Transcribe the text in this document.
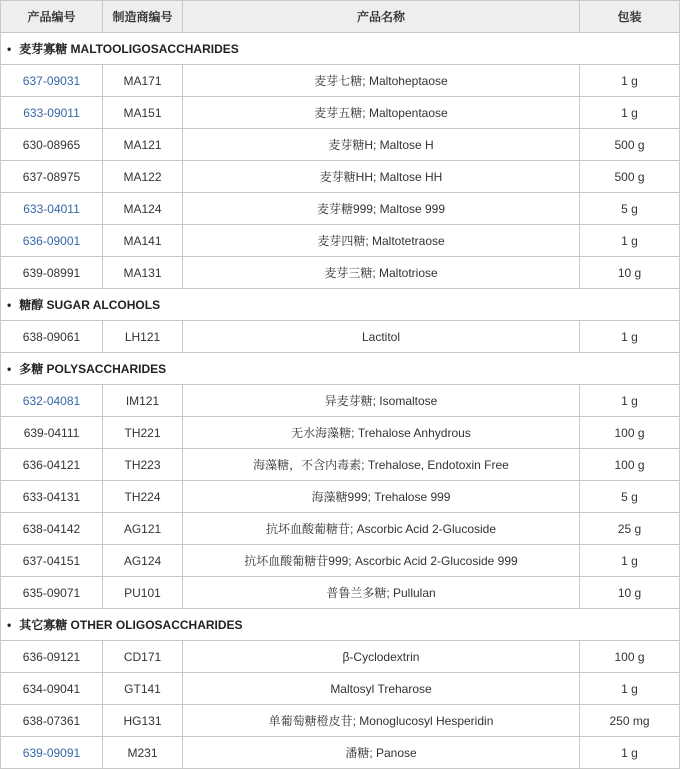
产品编号	制造商编号	产品名称	包装
• 麦芽寡糖 MALTOOLIGOSACCHARIDES			
637-09031	MA171	麦芽七糖; Maltoheptaose	1 g
633-09011	MA151	麦芽五糖; Maltopentaose	1 g
630-08965	MA121	麦芽糖H; Maltose H	500 g
637-08975	MA122	麦芽糖HH; Maltose HH	500 g
633-04011	MA124	麦芽糖999; Maltose 999	5 g
636-09001	MA141	麦芽四糖; Maltotetraose	1 g
639-08991	MA131	麦芽三糖; Maltotriose	10 g
• 糖醇 SUGAR ALCOHOLS			
638-09061	LH121	Lactitol	1 g
• 多糖 POLYSACCHARIDES			
632-04081	IM121	异麦芽糖; Isomaltose	1 g
639-04111	TH221	无水海藻糖; Trehalose Anhydrous	100 g
636-04121	TH223	海藻糖，不含内毒素; Trehalose, Endotoxin Free	100 g
633-04131	TH224	海藻糖999; Trehalose 999	5 g
638-04142	AG121	抗坏血酸葡糖苷; Ascorbic Acid 2-Glucoside	25 g
637-04151	AG124	抗坏血酸葡糖苷999; Ascorbic Acid 2-Glucoside 999	1 g
635-09071	PU101	普鲁兰多糖; Pullulan	10 g
• 其它寡糖 OTHER OLIGOSACCHARIDES			
636-09121	CD171	β-Cyclodextrin	100 g
634-09041	GT141	Maltosyl Treharose	1 g
638-07361	HG131	单葡萄糖橙皮苷; Monoglucosyl Hesperidin	250 mg
639-09091	M231	潘糖; Panose	1 g
